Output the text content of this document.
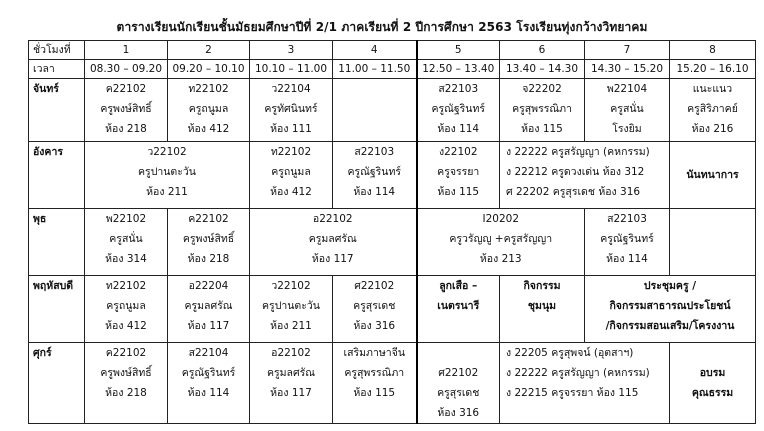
ตารางเรียนนักเรียนชั้นมัธยมศึกษาปีที่ 2/1 ภาคเรียนที่ 2 ปีการศึกษา 2563 โรงเรียนทุ่งกว้างวิทยาคม
ชั่วโมงที่	1	2	3	4	5	6	7	8
เวลา	08.30 – 09.20	09.20 – 10.10	10.10 – 11.00	11.00 – 11.50	12.50 – 13.40	13.40 – 14.30	14.30 – 15.20	15.20 – 16.10
จันทร์	ค22102
ครูพงษ์สิทธิ์
ห้อง 218	ท22102
ครูถนูมล
ห้อง 412	ว22104
ครูทัศนินทร์
ห้อง 111		ส22103
ครูณัฐรินทร์
ห้อง 114	จ22202
ครูสุพรรณิภา
ห้อง 115	พ22104
ครูสนั่น
โรงยิม	แนะแนว
ครูสิริภาคย์
ห้อง 216

อังคาร	ว22102
ครูปานตะวัน
ห้อง 211		ท22102
ครูถนูมล
ห้อง 412	ส22103
ครูณัฐรินทร์
ห้อง 114	ง22102
ครูจรรยา
ห้อง 115	ง 22222 ครูสรัญญา (คหกรรม)
ง 22212 ครูดวงเด่น ห้อง 312
ศ 22202 ครูสุรเดช ห้อง 316		นันทนาการ
พุธ	พ22102
ครูสนั่น
ห้อง 314	ค22102
ครูพงษ์สิทธิ์
ห้อง 218	อ22102
ครูมลศรัณ
ห้อง 117		I20202
ครูวรัญญู +ครูสรัญญา
ห้อง 213		ส22103
ครูณัฐรินทร์
ห้อง 114	

พฤหัสบดี	ท22102
ครูถนูมล
ห้อง 412	อ22204
ครูมลศรัณ
ห้อง 117	ว22102
ครูปานตะวัน
ห้อง 211	ศ22102
ครูสุรเดช
ห้อง 316	ลูกเสือ –
เนตรนารี	กิจกรรม
ชุมนุม	ประชุมครู /
กิจกรรมสาธารณประโยชน์
/กิจกรรมสอนเสริม/โครงงาน	

ศุกร์	ค22102
ครูพงษ์สิทธิ์
ห้อง 218	ส22104
ครูณัฐรินทร์
ห้อง 114	อ22102
ครูมลศรัณ
ห้อง 117	เสริมภาษาจีน
ครูสุพรรณิภา
ห้อง 115	ศ22102
ครูสุรเดช
ห้อง 316	ง 22205 ครูสุพจน์ (อุตสาฯ)
ง 22222 ครูสรัญญา (คหกรรม)
ง 22215 ครูจรรยา ห้อง 115		อบรม
คุณธรรม
